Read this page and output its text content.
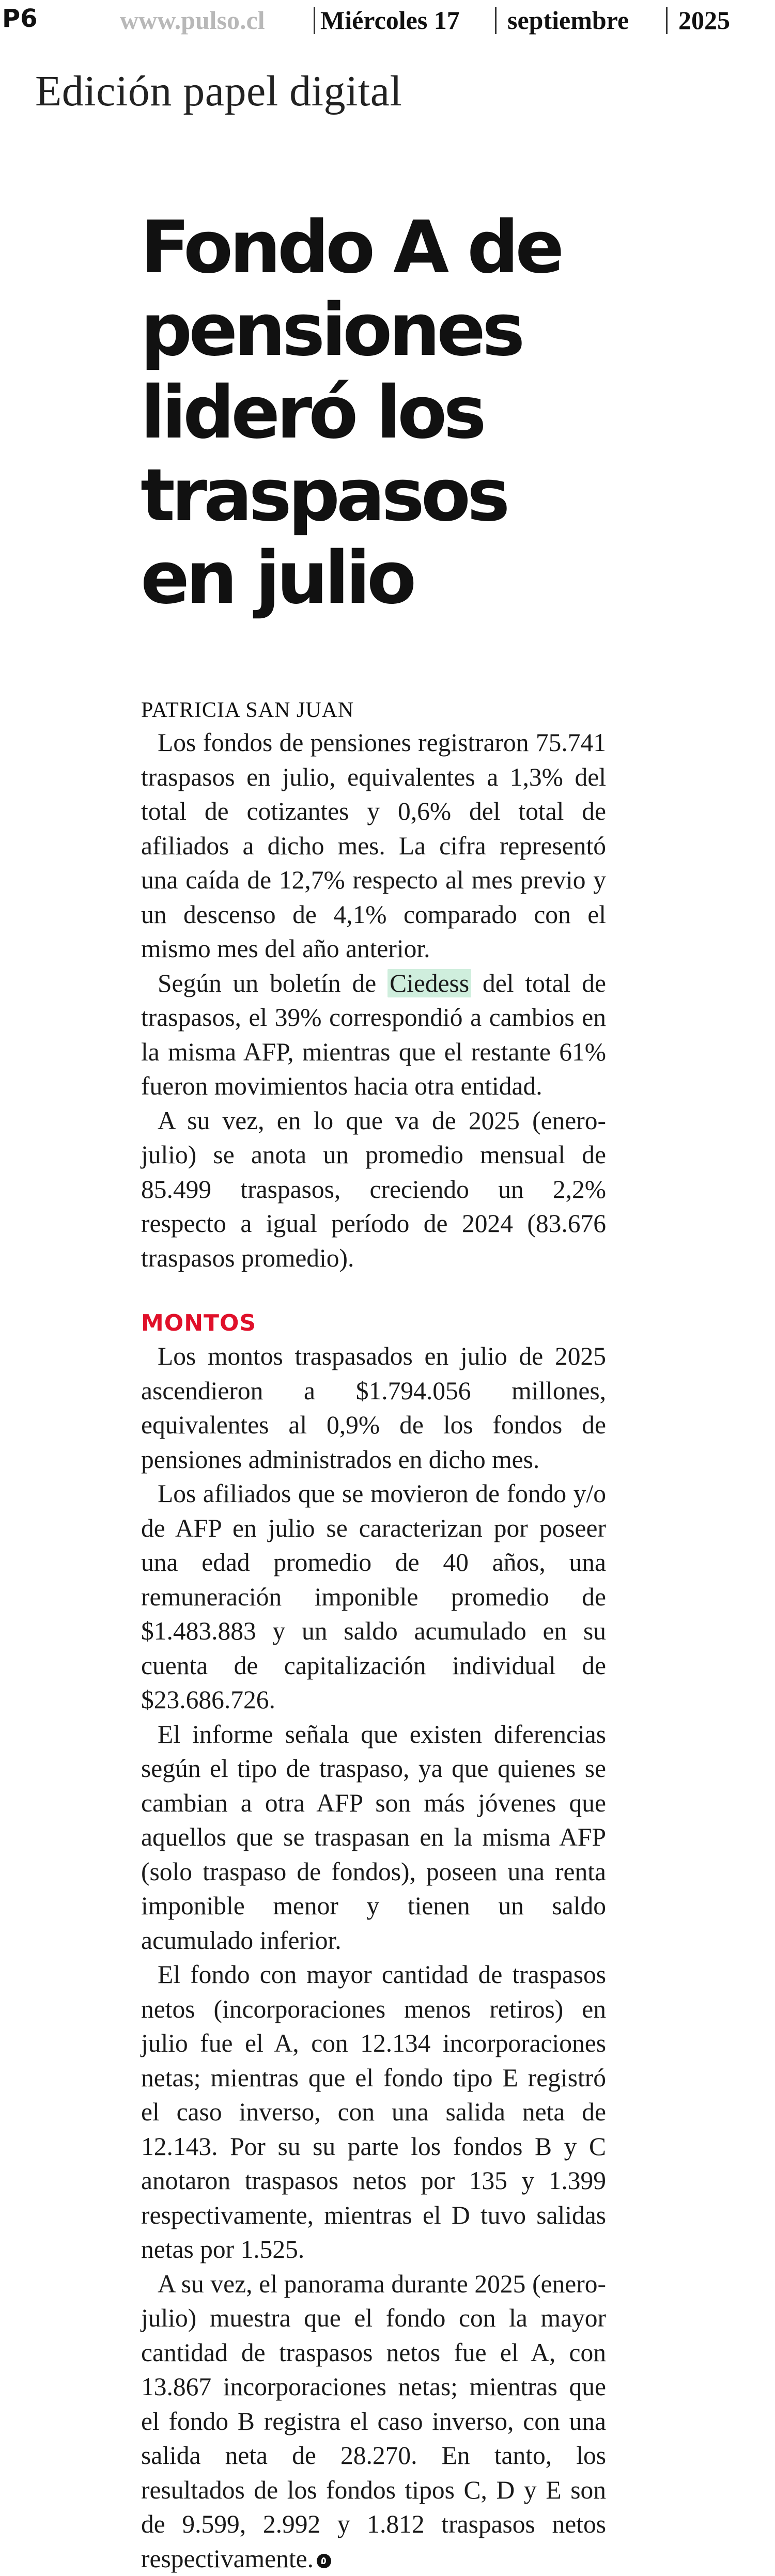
P6	www.pulso.cl Miércoles 17 septiembre 2025
Edición papel digital
Fondo A de
pensiones
lideró los
traspasos
en julio

PATRICIA SAN JUAN

Los fondos de pensiones registraron 75.741 traspasos en julio, equivalentes a 1,3% del total de cotizantes y 0,6% del total de afiliados a dicho mes. La cifra representó una caída de 12,7% respecto al mes previo y un descenso de 4,1% comparado con el mismo mes del año anterior.

Según un boletín de Ciedess del total de traspasos, el 39% correspondió a cambios en la misma AFP, mientras que el restante 61% fueron movimientos hacia otra entidad.

A su vez, en lo que va de 2025 (enero-julio) se anota un promedio mensual de 85.499 traspasos, creciendo un 2,2% respecto a igual período de 2024 (83.676 traspasos promedio).

MONTOS

Los montos traspasados en julio de 2025 ascendieron a $1.794.056 millones, equivalentes al 0,9% de los fondos de pensiones administrados en dicho mes.

Los afiliados que se movieron de fondo y/o de AFP en julio se caracterizan por poseer una edad promedio de 40 años, una remuneración imponible promedio de $1.483.883 y un saldo acumulado en su cuenta de capitalización individual de $23.686.726.

El informe señala que existen diferencias según el tipo de traspaso, ya que quienes se cambian a otra AFP son más jóvenes que aquellos que se traspasan en la misma AFP (solo traspaso de fondos), poseen una renta imponible menor y tienen un saldo acumulado inferior.

El fondo con mayor cantidad de traspasos netos (incorporaciones menos retiros) en julio fue el A, con 12.134 incorporaciones netas; mientras que el fondo tipo E registró el caso inverso, con una salida neta de 12.143. Por su su parte los fondos B y C anotaron traspasos netos por 135 y 1.399 respectivamente, mientras el D tuvo salidas netas por 1.525.

A su vez, el panorama durante 2025 (enero-julio) muestra que el fondo con la mayor cantidad de traspasos netos fue el A, con 13.867 incorporaciones netas; mientras que el fondo B registra el caso inverso, con una salida neta de 28.270. En tanto, los resultados de los fondos tipos C, D y E son de 9.599, 2.992 y 1.812 traspasos netos respectivamente.
